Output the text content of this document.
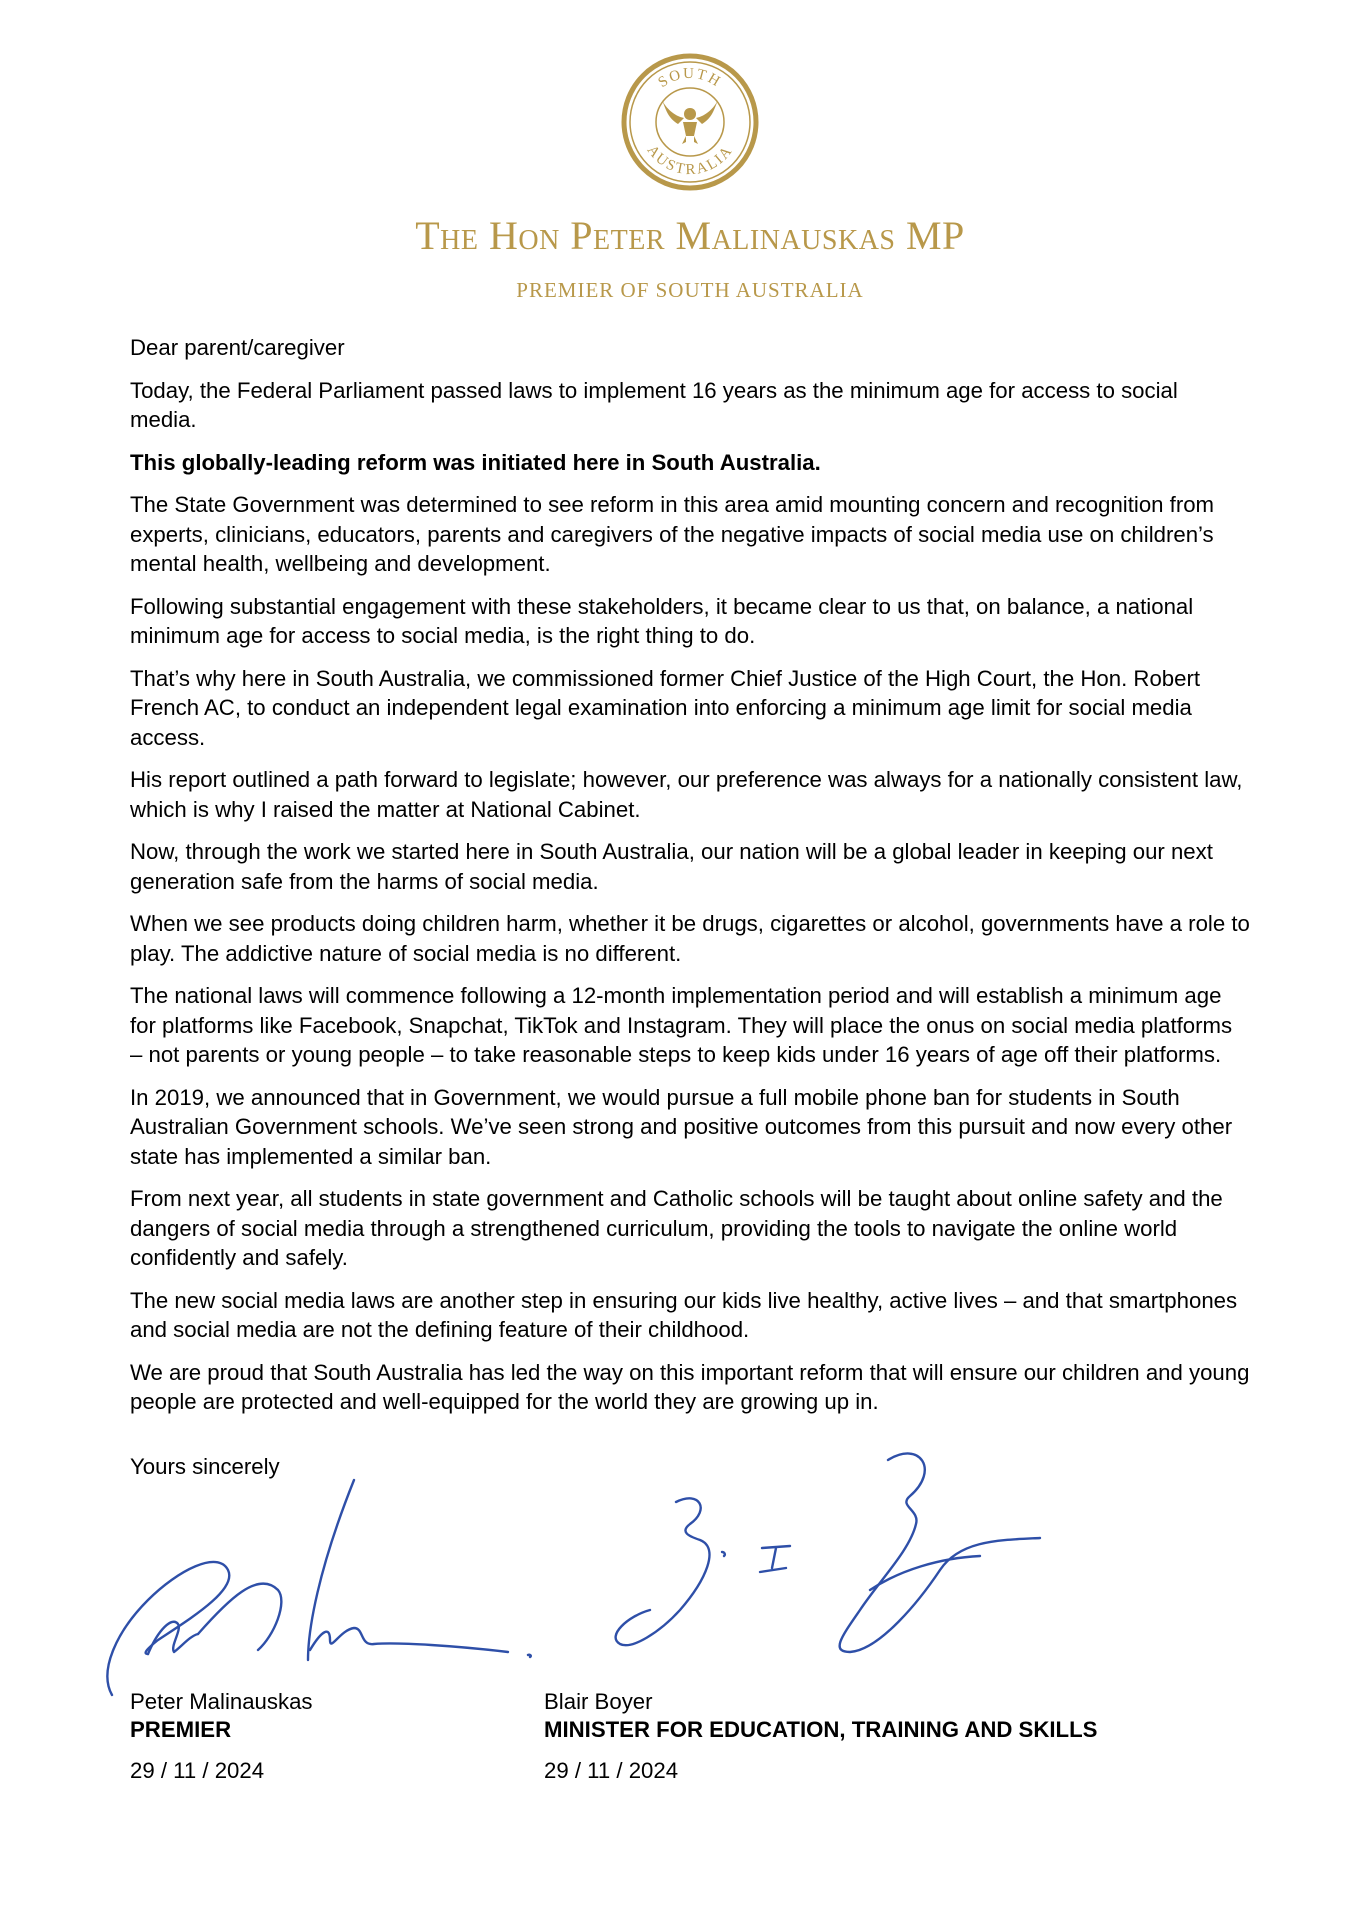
SOUTH
AUSTRALIA
The Hon Peter Malinauskas MP
PREMIER OF SOUTH AUSTRALIA

Dear parent/caregiver

Today, the Federal Parliament passed laws to implement 16 years as the minimum age for access to social media.

This globally-leading reform was initiated here in South Australia.

The State Government was determined to see reform in this area amid mounting concern and recognition from experts, clinicians, educators, parents and caregivers of the negative impacts of social media use on children’s mental health, wellbeing and development.

Following substantial engagement with these stakeholders, it became clear to us that, on balance, a national minimum age for access to social media, is the right thing to do.

That’s why here in South Australia, we commissioned former Chief Justice of the High Court, the Hon. Robert French AC, to conduct an independent legal examination into enforcing a minimum age limit for social media access.

His report outlined a path forward to legislate; however, our preference was always for a nationally consistent law, which is why I raised the matter at National Cabinet.

Now, through the work we started here in South Australia, our nation will be a global leader in keeping our next generation safe from the harms of social media.

When we see products doing children harm, whether it be drugs, cigarettes or alcohol, governments have a role to play. The addictive nature of social media is no different.

The national laws will commence following a 12-month implementation period and will establish a minimum age for platforms like Facebook, Snapchat, TikTok and Instagram. They will place the onus on social media platforms – not parents or young people – to take reasonable steps to keep kids under 16 years of age off their platforms.

In 2019, we announced that in Government, we would pursue a full mobile phone ban for students in South Australian Government schools. We’ve seen strong and positive outcomes from this pursuit and now every other state has implemented a similar ban.

From next year, all students in state government and Catholic schools will be taught about online safety and the dangers of social media through a strengthened curriculum, providing the tools to navigate the online world confidently and safely.

The new social media laws are another step in ensuring our kids live healthy, active lives – and that smartphones and social media are not the defining feature of their childhood.

We are proud that South Australia has led the way on this important reform that will ensure our children and young people are protected and well-equipped for the world they are growing up in.

Yours sincerely
Peter Malinauskas
PREMIER
29 / 11 / 2024
Blair Boyer
MINISTER FOR EDUCATION, TRAINING AND SKILLS
29 / 11 / 2024
